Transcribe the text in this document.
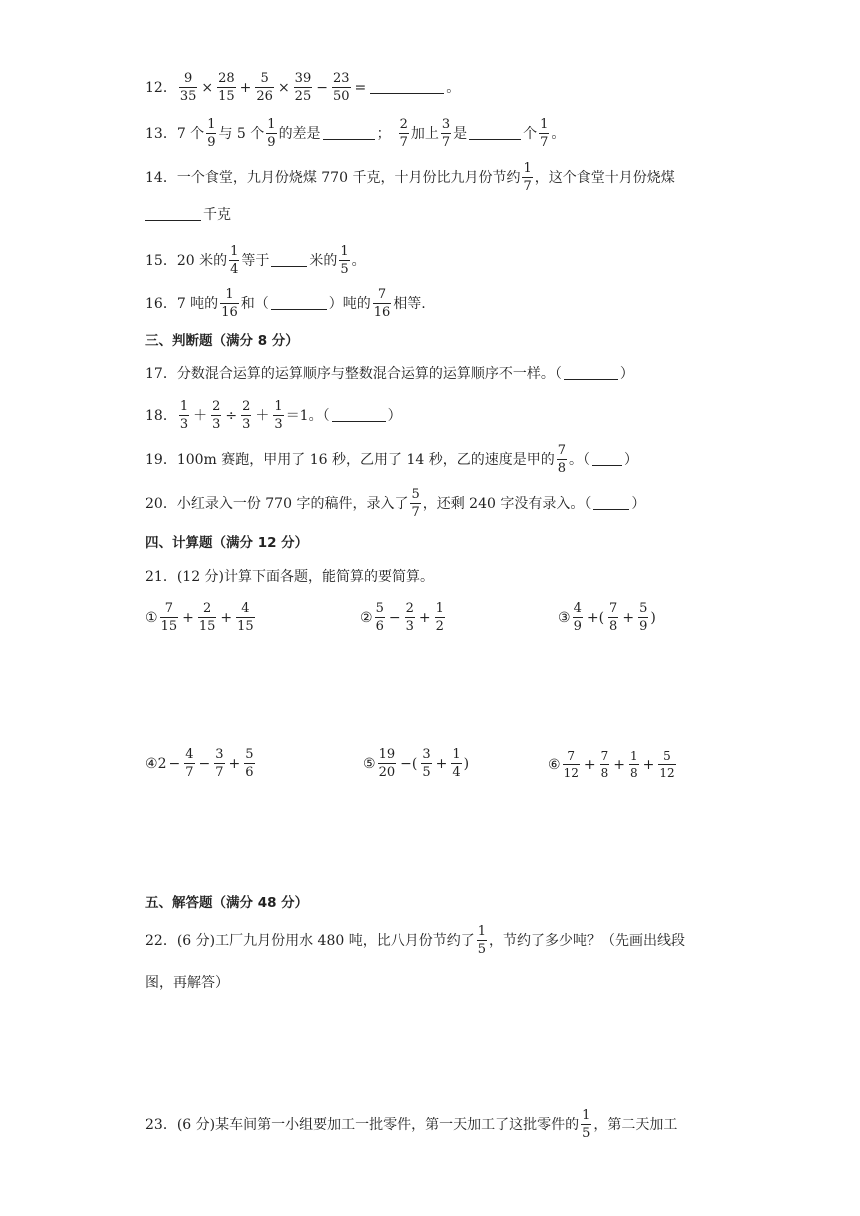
12． $\frac{9}{35} \times \frac{28}{15} + \frac{5}{26} \times \frac{39}{25} - \frac{23}{50}$ =	。
13． 7 个 $\frac{1}{9}$ 与 5 个 $\frac{1}{9}$ 的差是	； $\frac{2}{7}$ 加上 $\frac{3}{7}$ 是	个 $\frac{1}{7}$ 。
14． 一个食堂，九月份烧煤 770 千克，十月份比九月份节约 $\frac{1}{7}$ ，这个食堂十月份烧煤
千克
15． 20 米的 $\frac{1}{4}$ 等于	米的 $\frac{1}{5}$ 。
16． 7 吨的 $\frac{1}{16}$ 和（	）吨的 $\frac{7}{16}$ 相等.
三、判断题（满分 8 分）
17． 分数混合运算的运算顺序与整数混合运算的运算顺序不一样。（	）
18． $\frac{1}{3} + \frac{2}{3} \div \frac{2}{3} + \frac{1}{3} =1$。（	）
19． 100m 赛跑，甲用了 16 秒，乙用了 14 秒，乙的速度是甲的 $\frac{7}{8}$ 。（ ）
20． 小红录入一份 770 字的稿件，录入了 $\frac{5}{7}$ ，还剩 240 字没有录入。（	）
四、计算题（满分 12 分）
21． (12 分)计算下面各题，能简算的要简算。
① $\frac{7}{15} + \frac{2}{15} + \frac{4}{15}$	② $\frac{5}{6} - \frac{2}{3} + \frac{1}{2}$	③ $\frac{4}{9}$ +( $\frac{7}{8} + \frac{5}{9}$ )
④ $2 - \frac{4}{7} - \frac{3}{7} + \frac{5}{6}$	⑤ $\frac{19}{20}$ −( $\frac{3}{5} + \frac{1}{4}$ )	⑥ $\frac{7}{12} + \frac{7}{8} + \frac{1}{8} + \frac{5}{12}$
五、解答题（满分 48 分）
22． (6 分)工厂九月份用水 480 吨，比八月份节约了 $\frac{1}{5}$ ，节约了多少吨？（先画出线段
图，再解答）
23． (6 分)某车间第一小组要加工一批零件，第一天加工了这批零件的 $\frac{1}{5}$ ，第二天加工
